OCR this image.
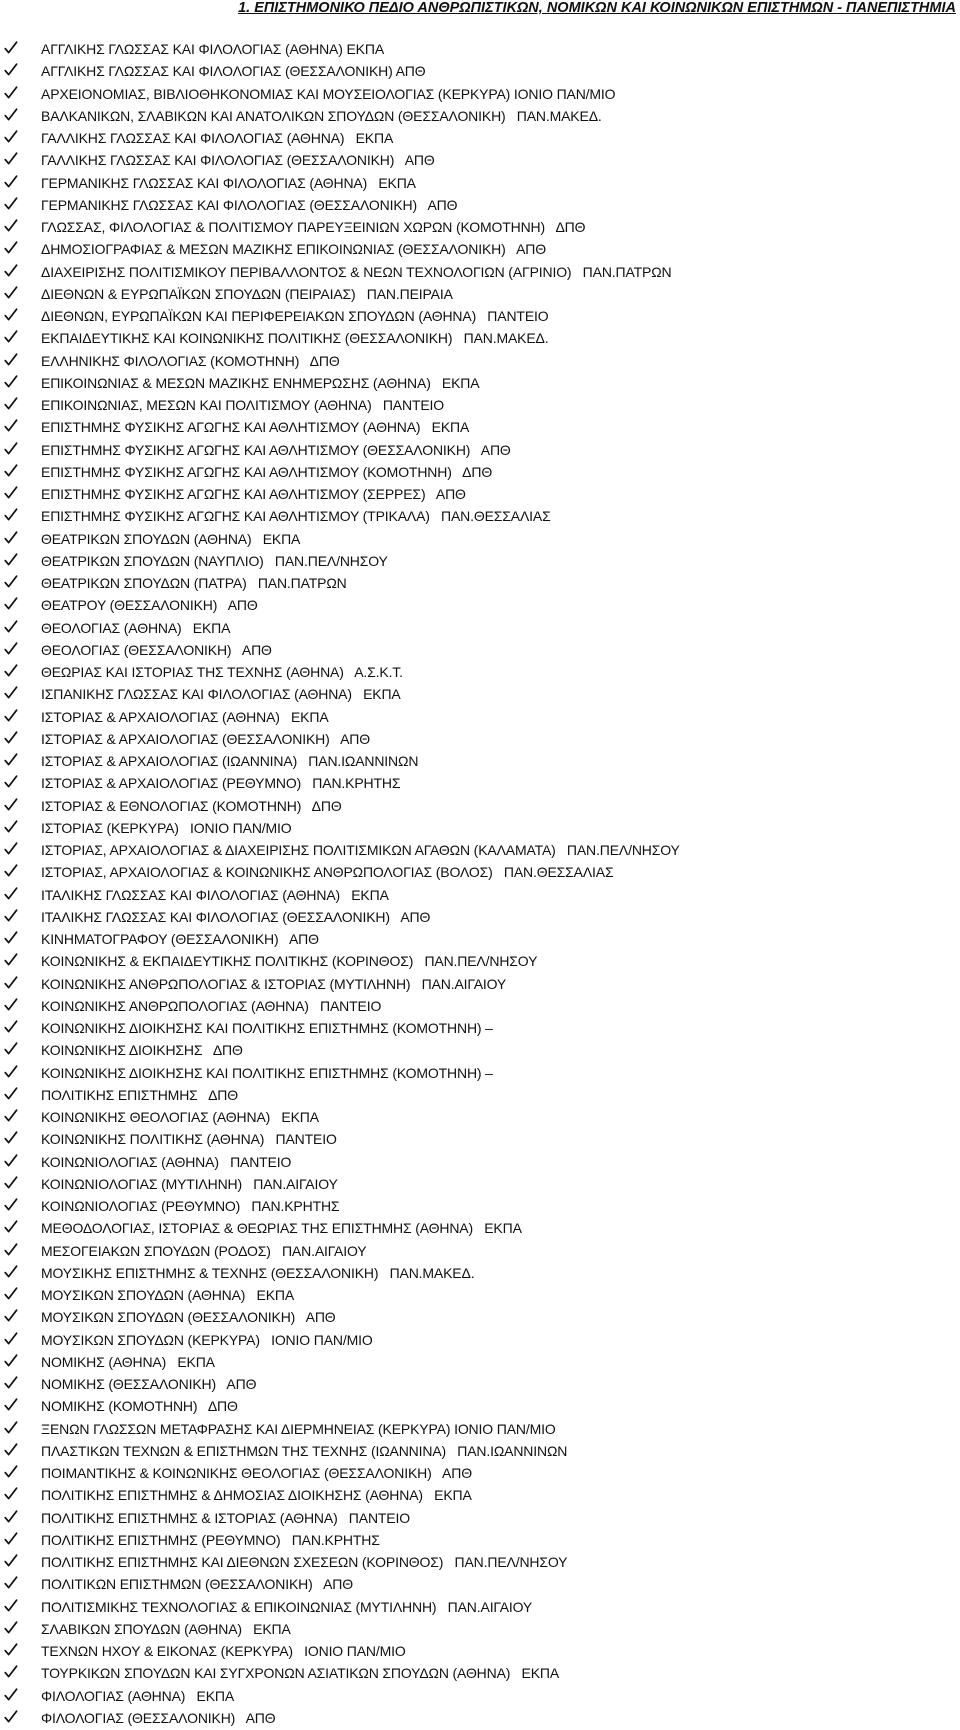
1. ΕΠΙΣΤΗΜΟΝΙΚΟ ΠΕΔΙΟ ΑΝΘΡΩΠΙΣΤΙΚΩΝ, ΝΟΜΙΚΩΝ ΚΑΙ ΚΟΙΝΩΝΙΚΩΝ ΕΠΙΣΤΗΜΩΝ - ΠΑΝΕΠΙΣΤΗΜΙΑ
ΑΓΓΛΙΚΗΣ ΓΛΩΣΣΑΣ ΚΑΙ ΦΙΛΟΛΟΓΙΑΣ (ΑΘΗΝΑ) ΕΚΠΑ
ΑΓΓΛΙΚΗΣ ΓΛΩΣΣΑΣ ΚΑΙ ΦΙΛΟΛΟΓΙΑΣ (ΘΕΣΣΑΛΟΝΙΚΗ) ΑΠΘ
ΑΡΧΕΙΟΝΟΜΙΑΣ, ΒΙΒΛΙΟΘΗΚΟΝΟΜΙΑΣ ΚΑΙ ΜΟΥΣΕΙΟΛΟΓΙΑΣ (ΚΕΡΚΥΡΑ) ΙΟΝΙΟ ΠΑΝ/ΜΙΟ
ΒΑΛΚΑΝΙΚΩΝ, ΣΛΑΒΙΚΩΝ ΚΑΙ ΑΝΑΤΟΛΙΚΩΝ ΣΠΟΥΔΩΝ (ΘΕΣΣΑΛΟΝΙΚΗ)   ΠΑΝ.ΜΑΚΕΔ.
ΓΑΛΛΙΚΗΣ ΓΛΩΣΣΑΣ ΚΑΙ ΦΙΛΟΛΟΓΙΑΣ (ΑΘΗΝΑ)   ΕΚΠΑ
ΓΑΛΛΙΚΗΣ ΓΛΩΣΣΑΣ ΚΑΙ ΦΙΛΟΛΟΓΙΑΣ (ΘΕΣΣΑΛΟΝΙΚΗ)   ΑΠΘ
ΓΕΡΜΑΝΙΚΗΣ ΓΛΩΣΣΑΣ ΚΑΙ ΦΙΛΟΛΟΓΙΑΣ (ΑΘΗΝΑ)   ΕΚΠΑ
ΓΕΡΜΑΝΙΚΗΣ ΓΛΩΣΣΑΣ ΚΑΙ ΦΙΛΟΛΟΓΙΑΣ (ΘΕΣΣΑΛΟΝΙΚΗ)   ΑΠΘ
ΓΛΩΣΣΑΣ, ΦΙΛΟΛΟΓΙΑΣ & ΠΟΛΙΤΙΣΜΟΥ ΠΑΡΕΥΞΕΙΝΙΩΝ ΧΩΡΩΝ (ΚΟΜΟΤΗΝΗ)   ΔΠΘ
ΔΗΜΟΣΙΟΓΡΑΦΙΑΣ & ΜΕΣΩΝ ΜΑΖΙΚΗΣ ΕΠΙΚΟΙΝΩΝΙΑΣ (ΘΕΣΣΑΛΟΝΙΚΗ)   ΑΠΘ
ΔΙΑΧΕΙΡΙΣΗΣ ΠΟΛΙΤΙΣΜΙΚΟΥ ΠΕΡΙΒΑΛΛΟΝΤΟΣ & ΝΕΩΝ ΤΕΧΝΟΛΟΓΙΩΝ (ΑΓΡΙΝΙΟ)   ΠΑΝ.ΠΑΤΡΩΝ
ΔΙΕΘΝΩΝ & ΕΥΡΩΠΑΪΚΩΝ ΣΠΟΥΔΩΝ (ΠΕΙΡΑΙΑΣ)   ΠΑΝ.ΠΕΙΡΑΙΑ
ΔΙΕΘΝΩΝ, ΕΥΡΩΠΑΪΚΩΝ ΚΑΙ ΠΕΡΙΦΕΡΕΙΑΚΩΝ ΣΠΟΥΔΩΝ (ΑΘΗΝΑ)   ΠΑΝΤΕΙΟ
ΕΚΠΑΙΔΕΥΤΙΚΗΣ ΚΑΙ ΚΟΙΝΩΝΙΚΗΣ ΠΟΛΙΤΙΚΗΣ (ΘΕΣΣΑΛΟΝΙΚΗ)   ΠΑΝ.ΜΑΚΕΔ.
ΕΛΛΗΝΙΚΗΣ ΦΙΛΟΛΟΓΙΑΣ (ΚΟΜΟΤΗΝΗ)   ΔΠΘ
ΕΠΙΚΟΙΝΩΝΙΑΣ & ΜΕΣΩΝ ΜΑΖΙΚΗΣ ΕΝΗΜΕΡΩΣΗΣ (ΑΘΗΝΑ)   ΕΚΠΑ
ΕΠΙΚΟΙΝΩΝΙΑΣ, ΜΕΣΩΝ ΚΑΙ ΠΟΛΙΤΙΣΜΟΥ (ΑΘΗΝΑ)   ΠΑΝΤΕΙΟ
ΕΠΙΣΤΗΜΗΣ ΦΥΣΙΚΗΣ ΑΓΩΓΗΣ ΚΑΙ ΑΘΛΗΤΙΣΜΟΥ (ΑΘΗΝΑ)   ΕΚΠΑ
ΕΠΙΣΤΗΜΗΣ ΦΥΣΙΚΗΣ ΑΓΩΓΗΣ ΚΑΙ ΑΘΛΗΤΙΣΜΟΥ (ΘΕΣΣΑΛΟΝΙΚΗ)   ΑΠΘ
ΕΠΙΣΤΗΜΗΣ ΦΥΣΙΚΗΣ ΑΓΩΓΗΣ ΚΑΙ ΑΘΛΗΤΙΣΜΟΥ (ΚΟΜΟΤΗΝΗ)   ΔΠΘ
ΕΠΙΣΤΗΜΗΣ ΦΥΣΙΚΗΣ ΑΓΩΓΗΣ ΚΑΙ ΑΘΛΗΤΙΣΜΟΥ (ΣΕΡΡΕΣ)   ΑΠΘ
ΕΠΙΣΤΗΜΗΣ ΦΥΣΙΚΗΣ ΑΓΩΓΗΣ ΚΑΙ ΑΘΛΗΤΙΣΜΟΥ (ΤΡΙΚΑΛΑ)   ΠΑΝ.ΘΕΣΣΑΛΙΑΣ
ΘΕΑΤΡΙΚΩΝ ΣΠΟΥΔΩΝ (ΑΘΗΝΑ)   ΕΚΠΑ
ΘΕΑΤΡΙΚΩΝ ΣΠΟΥΔΩΝ (ΝΑΥΠΛΙΟ)   ΠΑΝ.ΠΕΛ/ΝΗΣΟΥ
ΘΕΑΤΡΙΚΩΝ ΣΠΟΥΔΩΝ (ΠΑΤΡΑ)   ΠΑΝ.ΠΑΤΡΩΝ
ΘΕΑΤΡΟΥ (ΘΕΣΣΑΛΟΝΙΚΗ)   ΑΠΘ
ΘΕΟΛΟΓΙΑΣ (ΑΘΗΝΑ)   ΕΚΠΑ
ΘΕΟΛΟΓΙΑΣ (ΘΕΣΣΑΛΟΝΙΚΗ)   ΑΠΘ
ΘΕΩΡΙΑΣ ΚΑΙ ΙΣΤΟΡΙΑΣ ΤΗΣ ΤΕΧΝΗΣ (ΑΘΗΝΑ)   Α.Σ.Κ.Τ.
ΙΣΠΑΝΙΚΗΣ ΓΛΩΣΣΑΣ ΚΑΙ ΦΙΛΟΛΟΓΙΑΣ (ΑΘΗΝΑ)   ΕΚΠΑ
ΙΣΤΟΡΙΑΣ & ΑΡΧΑΙΟΛΟΓΙΑΣ (ΑΘΗΝΑ)   ΕΚΠΑ
ΙΣΤΟΡΙΑΣ & ΑΡΧΑΙΟΛΟΓΙΑΣ (ΘΕΣΣΑΛΟΝΙΚΗ)   ΑΠΘ
ΙΣΤΟΡΙΑΣ & ΑΡΧΑΙΟΛΟΓΙΑΣ (ΙΩΑΝΝΙΝΑ)   ΠΑΝ.ΙΩΑΝΝΙΝΩΝ
ΙΣΤΟΡΙΑΣ & ΑΡΧΑΙΟΛΟΓΙΑΣ (ΡΕΘΥΜΝΟ)   ΠΑΝ.ΚΡΗΤΗΣ
ΙΣΤΟΡΙΑΣ & ΕΘΝΟΛΟΓΙΑΣ (ΚΟΜΟΤΗΝΗ)   ΔΠΘ
ΙΣΤΟΡΙΑΣ (ΚΕΡΚΥΡΑ)   ΙΟΝΙΟ ΠΑΝ/ΜΙΟ
ΙΣΤΟΡΙΑΣ, ΑΡΧΑΙΟΛΟΓΙΑΣ & ΔΙΑΧΕΙΡΙΣΗΣ ΠΟΛΙΤΙΣΜΙΚΩΝ ΑΓΑΘΩΝ (ΚΑΛΑΜΑΤΑ)   ΠΑΝ.ΠΕΛ/ΝΗΣΟΥ
ΙΣΤΟΡΙΑΣ, ΑΡΧΑΙΟΛΟΓΙΑΣ & ΚΟΙΝΩΝΙΚΗΣ ΑΝΘΡΩΠΟΛΟΓΙΑΣ (ΒΟΛΟΣ)   ΠΑΝ.ΘΕΣΣΑΛΙΑΣ
ΙΤΑΛΙΚΗΣ ΓΛΩΣΣΑΣ ΚΑΙ ΦΙΛΟΛΟΓΙΑΣ (ΑΘΗΝΑ)   ΕΚΠΑ
ΙΤΑΛΙΚΗΣ ΓΛΩΣΣΑΣ ΚΑΙ ΦΙΛΟΛΟΓΙΑΣ (ΘΕΣΣΑΛΟΝΙΚΗ)   ΑΠΘ
ΚΙΝΗΜΑΤΟΓΡΑΦΟΥ (ΘΕΣΣΑΛΟΝΙΚΗ)   ΑΠΘ
ΚΟΙΝΩΝΙΚΗΣ & ΕΚΠΑΙΔΕΥΤΙΚΗΣ ΠΟΛΙΤΙΚΗΣ (ΚΟΡΙΝΘΟΣ)   ΠΑΝ.ΠΕΛ/ΝΗΣΟΥ
ΚΟΙΝΩΝΙΚΗΣ ΑΝΘΡΩΠΟΛΟΓΙΑΣ & ΙΣΤΟΡΙΑΣ (ΜΥΤΙΛΗΝΗ)   ΠΑΝ.ΑΙΓΑΙΟΥ
ΚΟΙΝΩΝΙΚΗΣ ΑΝΘΡΩΠΟΛΟΓΙΑΣ (ΑΘΗΝΑ)   ΠΑΝΤΕΙΟ
ΚΟΙΝΩΝΙΚΗΣ ΔΙΟΙΚΗΣΗΣ ΚΑΙ ΠΟΛΙΤΙΚΗΣ ΕΠΙΣΤΗΜΗΣ (ΚΟΜΟΤΗΝΗ) –
ΚΟΙΝΩΝΙΚΗΣ ΔΙΟΙΚΗΣΗΣ   ΔΠΘ
ΚΟΙΝΩΝΙΚΗΣ ΔΙΟΙΚΗΣΗΣ ΚΑΙ ΠΟΛΙΤΙΚΗΣ ΕΠΙΣΤΗΜΗΣ (ΚΟΜΟΤΗΝΗ) –
ΠΟΛΙΤΙΚΗΣ ΕΠΙΣΤΗΜΗΣ   ΔΠΘ
ΚΟΙΝΩΝΙΚΗΣ ΘΕΟΛΟΓΙΑΣ (ΑΘΗΝΑ)   ΕΚΠΑ
ΚΟΙΝΩΝΙΚΗΣ ΠΟΛΙΤΙΚΗΣ (ΑΘΗΝΑ)   ΠΑΝΤΕΙΟ
ΚΟΙΝΩΝΙΟΛΟΓΙΑΣ (ΑΘΗΝΑ)   ΠΑΝΤΕΙΟ
ΚΟΙΝΩΝΙΟΛΟΓΙΑΣ (ΜΥΤΙΛΗΝΗ)   ΠΑΝ.ΑΙΓΑΙΟΥ
ΚΟΙΝΩΝΙΟΛΟΓΙΑΣ (ΡΕΘΥΜΝΟ)   ΠΑΝ.ΚΡΗΤΗΣ
ΜΕΘΟΔΟΛΟΓΙΑΣ, ΙΣΤΟΡΙΑΣ & ΘΕΩΡΙΑΣ ΤΗΣ ΕΠΙΣΤΗΜΗΣ (ΑΘΗΝΑ)   ΕΚΠΑ
ΜΕΣΟΓΕΙΑΚΩΝ ΣΠΟΥΔΩΝ (ΡΟΔΟΣ)   ΠΑΝ.ΑΙΓΑΙΟΥ
ΜΟΥΣΙΚΗΣ ΕΠΙΣΤΗΜΗΣ & ΤΕΧΝΗΣ (ΘΕΣΣΑΛΟΝΙΚΗ)   ΠΑΝ.ΜΑΚΕΔ.
ΜΟΥΣΙΚΩΝ ΣΠΟΥΔΩΝ (ΑΘΗΝΑ)   ΕΚΠΑ
ΜΟΥΣΙΚΩΝ ΣΠΟΥΔΩΝ (ΘΕΣΣΑΛΟΝΙΚΗ)   ΑΠΘ
ΜΟΥΣΙΚΩΝ ΣΠΟΥΔΩΝ (ΚΕΡΚΥΡΑ)   ΙΟΝΙΟ ΠΑΝ/ΜΙΟ
ΝΟΜΙΚΗΣ (ΑΘΗΝΑ)   ΕΚΠΑ
ΝΟΜΙΚΗΣ (ΘΕΣΣΑΛΟΝΙΚΗ)   ΑΠΘ
ΝΟΜΙΚΗΣ (ΚΟΜΟΤΗΝΗ)   ΔΠΘ
ΞΕΝΩΝ ΓΛΩΣΣΩΝ ΜΕΤΑΦΡΑΣΗΣ ΚΑΙ ΔΙΕΡΜΗΝΕΙΑΣ (ΚΕΡΚΥΡΑ) ΙΟΝΙΟ ΠΑΝ/ΜΙΟ
ΠΛΑΣΤΙΚΩΝ ΤΕΧΝΩΝ & ΕΠΙΣΤΗΜΩΝ ΤΗΣ ΤΕΧΝΗΣ (ΙΩΑΝΝΙΝΑ)   ΠΑΝ.ΙΩΑΝΝΙΝΩΝ
ΠΟΙΜΑΝΤΙΚΗΣ & ΚΟΙΝΩΝΙΚΗΣ ΘΕΟΛΟΓΙΑΣ (ΘΕΣΣΑΛΟΝΙΚΗ)   ΑΠΘ
ΠΟΛΙΤΙΚΗΣ ΕΠΙΣΤΗΜΗΣ & ΔΗΜΟΣΙΑΣ ΔΙΟΙΚΗΣΗΣ (ΑΘΗΝΑ)   ΕΚΠΑ
ΠΟΛΙΤΙΚΗΣ ΕΠΙΣΤΗΜΗΣ & ΙΣΤΟΡΙΑΣ (ΑΘΗΝΑ)   ΠΑΝΤΕΙΟ
ΠΟΛΙΤΙΚΗΣ ΕΠΙΣΤΗΜΗΣ (ΡΕΘΥΜΝΟ)   ΠΑΝ.ΚΡΗΤΗΣ
ΠΟΛΙΤΙΚΗΣ ΕΠΙΣΤΗΜΗΣ ΚΑΙ ΔΙΕΘΝΩΝ ΣΧΕΣΕΩΝ (ΚΟΡΙΝΘΟΣ)   ΠΑΝ.ΠΕΛ/ΝΗΣΟΥ
ΠΟΛΙΤΙΚΩΝ ΕΠΙΣΤΗΜΩΝ (ΘΕΣΣΑΛΟΝΙΚΗ)   ΑΠΘ
ΠΟΛΙΤΙΣΜΙΚΗΣ ΤΕΧΝΟΛΟΓΙΑΣ & ΕΠΙΚΟΙΝΩΝΙΑΣ (ΜΥΤΙΛΗΝΗ)   ΠΑΝ.ΑΙΓΑΙΟΥ
ΣΛΑΒΙΚΩΝ ΣΠΟΥΔΩΝ (ΑΘΗΝΑ)   ΕΚΠΑ
ΤΕΧΝΩΝ ΗΧΟΥ & ΕΙΚΟΝΑΣ (ΚΕΡΚΥΡΑ)   ΙΟΝΙΟ ΠΑΝ/ΜΙΟ
ΤΟΥΡΚΙΚΩΝ ΣΠΟΥΔΩΝ ΚΑΙ ΣΥΓΧΡΟΝΩΝ ΑΣΙΑΤΙΚΩΝ ΣΠΟΥΔΩΝ (ΑΘΗΝΑ)   ΕΚΠΑ
ΦΙΛΟΛΟΓΙΑΣ (ΑΘΗΝΑ)   ΕΚΠΑ
ΦΙΛΟΛΟΓΙΑΣ (ΘΕΣΣΑΛΟΝΙΚΗ)   ΑΠΘ
